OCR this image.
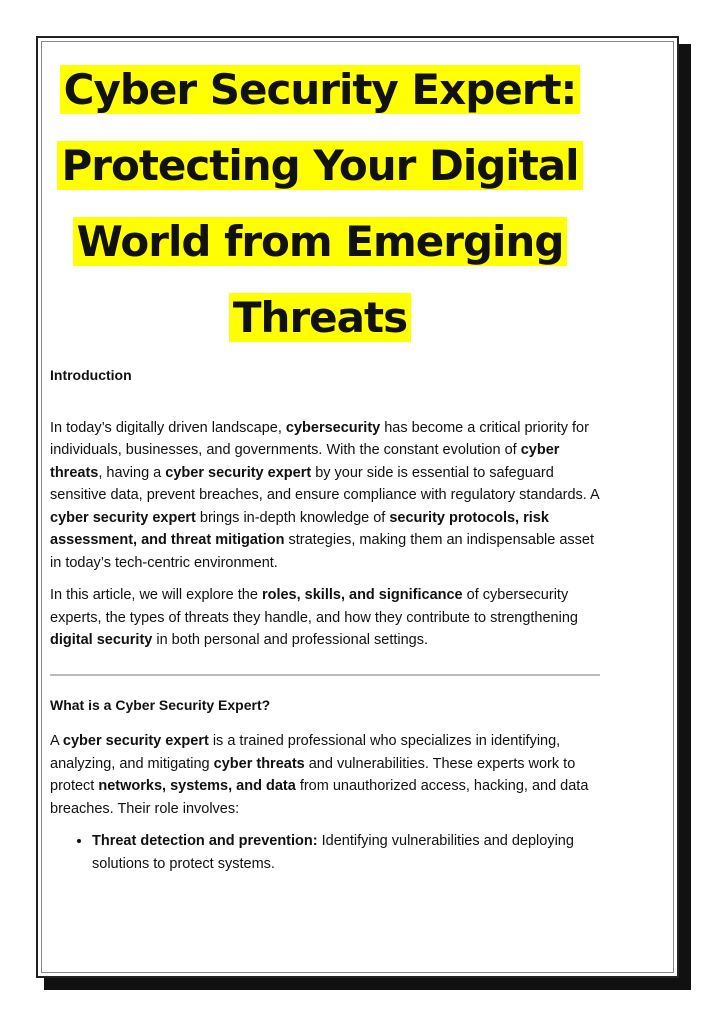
Cyber Security Expert:
Protecting Your Digital
World from Emerging
Threats
Introduction

In today’s digitally driven landscape, cybersecurity has become a critical priority for individuals, businesses, and governments. With the constant evolution of cyber threats, having a cyber security expert by your side is essential to safeguard sensitive data, prevent breaches, and ensure compliance with regulatory standards. A cyber security expert brings in-depth knowledge of security protocols, risk assessment, and threat mitigation strategies, making them an indispensable asset in today’s tech-centric environment.

In this article, we will explore the roles, skills, and significance of cybersecurity experts, the types of threats they handle, and how they contribute to strengthening digital security in both personal and professional settings.

What is a Cyber Security Expert?

A cyber security expert is a trained professional who specializes in identifying, analyzing, and mitigating cyber threats and vulnerabilities. These experts work to protect networks, systems, and data from unauthorized access, hacking, and data breaches. Their role involves:

• Threat detection and prevention: Identifying vulnerabilities and deploying solutions to protect systems.
